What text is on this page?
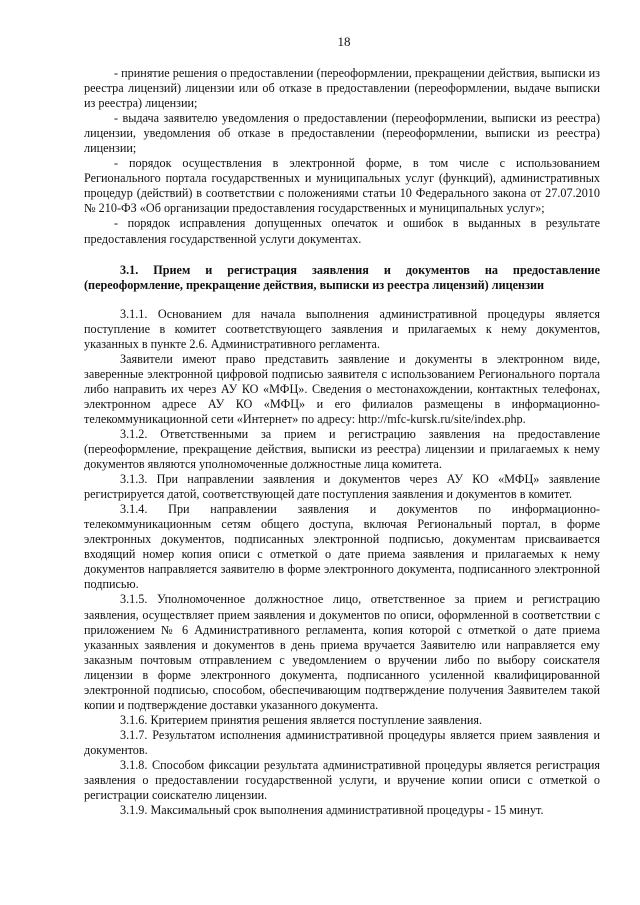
18

- принятие решения о предоставлении (переоформлении, прекращении действия, выписки из реестра лицензий) лицензии или об отказе в предоставлении (переоформлении, выдаче выписки из реестра) лицензии;

- выдача заявителю уведомления о предоставлении (переоформлении, выписки из реестра) лицензии, уведомления об отказе в предоставлении (переоформлении, выписки из реестра) лицензии;

- порядок осуществления в электронной форме, в том числе с использованием Регионального портала государственных и муниципальных услуг (функций), административных процедур (действий) в соответствии с положениями статьи 10 Федерального закона от 27.07.2010 № 210-ФЗ «Об организации предоставления государственных и муниципальных услуг»;

- порядок исправления допущенных опечаток и ошибок в выданных в результате предоставления государственной услуги документах.

3.1. Прием и регистрация заявления и документов на предоставление (переоформление, прекращение действия, выписки из реестра лицензий) лицензии

3.1.1. Основанием для начала выполнения административной процедуры является поступление в комитет соответствующего заявления и прилагаемых к нему документов, указанных в пункте 2.6. Административного регламента.

Заявители имеют право представить заявление и документы в электронном виде, заверенные электронной цифровой подписью заявителя с использованием Регионального портала либо направить их через АУ КО «МФЦ». Сведения о местонахождении, контактных телефонах, электронном адресе АУ КО «МФЦ» и его филиалов размещены в информационно-телекоммуникационной сети «Интернет» по адресу: http://mfc-kursk.ru/site/index.php.

3.1.2. Ответственными за прием и регистрацию заявления на предоставление (переоформление, прекращение действия, выписки из реестра) лицензии и прилагаемых к нему документов являются уполномоченные должностные лица комитета.

3.1.3. При направлении заявления и документов через АУ КО «МФЦ» заявление регистрируется датой, соответствующей дате поступления заявления и документов в комитет.

3.1.4. При направлении заявления и документов по информационно-телекоммуникационным сетям общего доступа, включая Региональный портал, в форме электронных документов, подписанных электронной подписью, документам присваивается входящий номер копия описи с отметкой о дате приема заявления и прилагаемых к нему документов направляется заявителю в форме электронного документа, подписанного электронной подписью.

3.1.5. Уполномоченное должностное лицо, ответственное за прием и регистрацию заявления, осуществляет прием заявления и документов по описи, оформленной в соответствии с приложением № 6 Административного регламента, копия которой с отметкой о дате приема указанных заявления и документов в день приема вручается Заявителю или направляется ему заказным почтовым отправлением с уведомлением о вручении либо по выбору соискателя лицензии в форме электронного документа, подписанного усиленной квалифицированной электронной подписью, способом, обеспечивающим подтверждение получения Заявителем такой копии и подтверждение доставки указанного документа.

3.1.6. Критерием принятия решения является поступление заявления.

3.1.7. Результатом исполнения административной процедуры является прием заявления и документов.

3.1.8. Способом фиксации результата административной процедуры является регистрация заявления о предоставлении государственной услуги, и вручение копии описи с отметкой о регистрации соискателю лицензии.

3.1.9. Максимальный срок выполнения административной процедуры - 15 минут.
